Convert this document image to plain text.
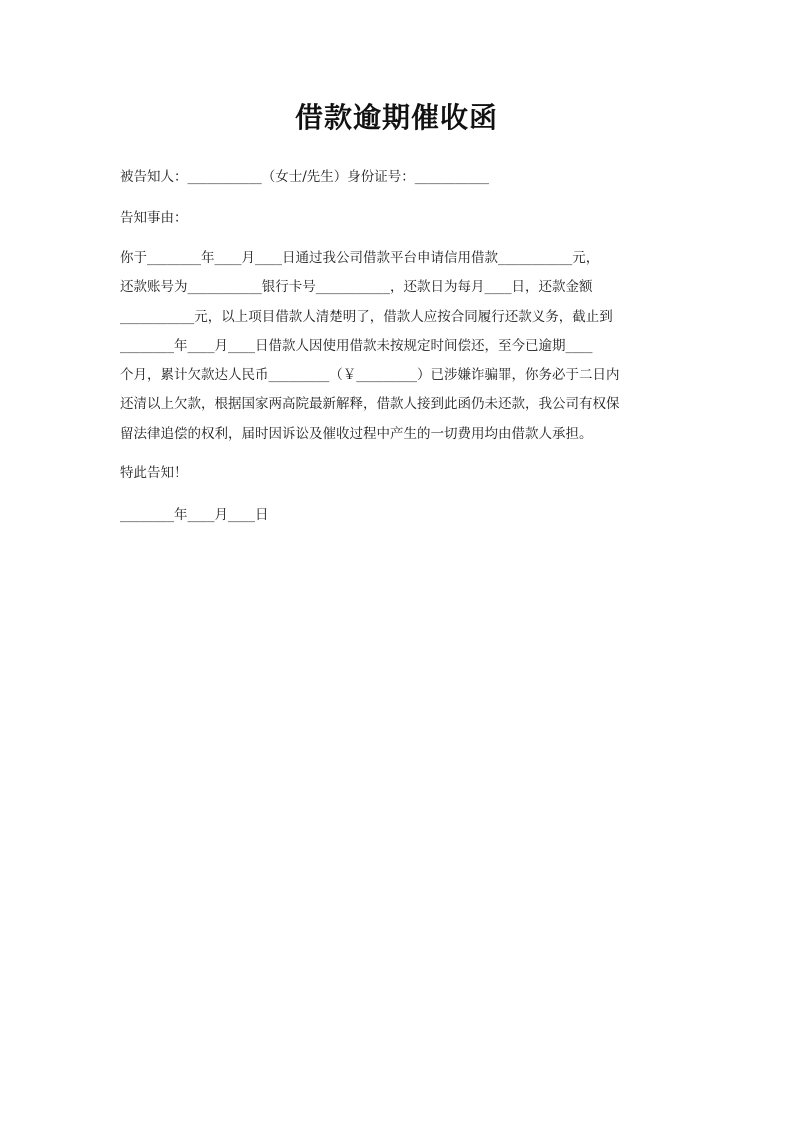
借款逾期催收函
被告知人：___________（女士/先生）身份证号：___________
告知事由：
你于________年____月____日通过我公司借款平台申请信用借款___________元，
还款账号为___________银行卡号___________，还款日为每月____日，还款金额
___________元，以上项目借款人清楚明了，借款人应按合同履行还款义务，截止到
________年____月____日借款人因使用借款未按规定时间偿还，至今已逾期____
个月，累计欠款达人民币_________（￥_________）已涉嫌诈骗罪，你务必于二日内
还清以上欠款，根据国家两高院最新解释，借款人接到此函仍未还款，我公司有权保
留法律追偿的权利，届时因诉讼及催收过程中产生的一切费用均由借款人承担。
特此告知！
________年____月____日
